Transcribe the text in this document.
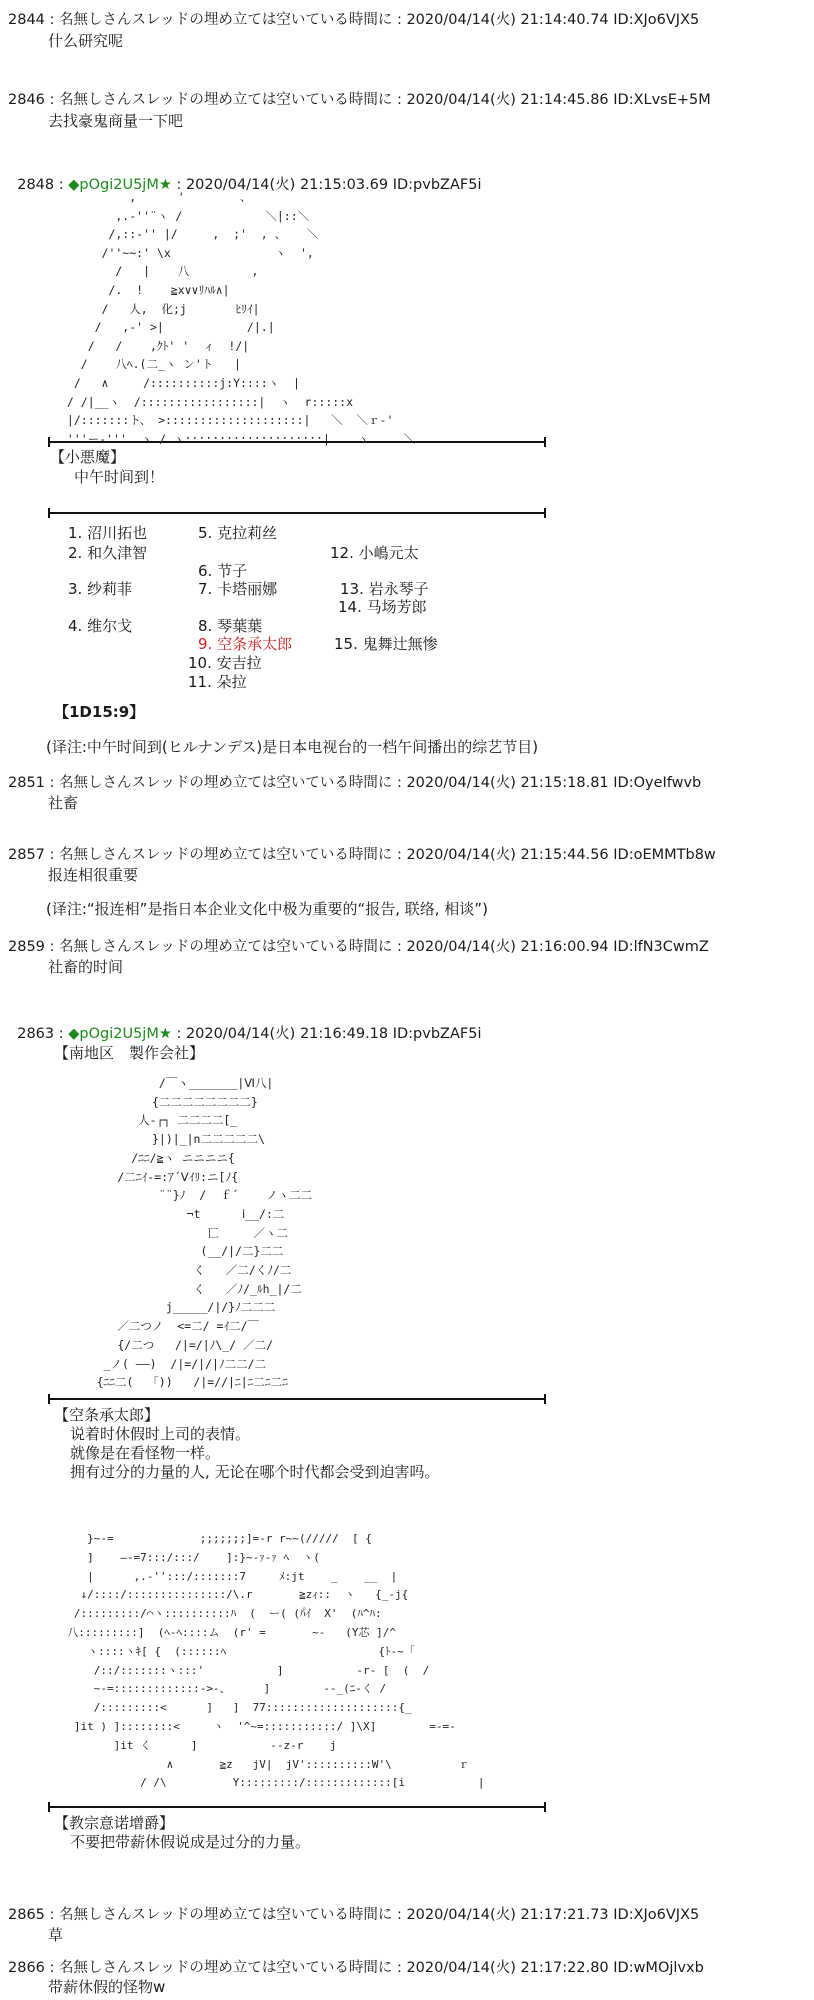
2844 : 名無しさんスレッドの埋め立ては空いている時間に : 2020/04/14(火) 21:14:40.74 ID:XJo6VJX5
什么研究呢
2846 : 名無しさんスレッドの埋め立ては空いている時間に : 2020/04/14(火) 21:14:45.86 ID:XLvsE+5M
去找豪鬼商量一下吧

2848 : ◆pOgi2U5jM★ : 2020/04/14(火) 21:15:03.69 ID:pvbZAF5i

,      '        、
,.-''¨ヽ /            ＼|::＼
/,::-'' |/     ,  ;'  , 、   ＼
/''~~:' \x               ヽ  ',
/   |    八         ,
/.  !    ≧x∨∨ﾘﾊﾙ∧|
/   人,  化;j       ﾋﾘｲ|
/   ,-' >|            /|.|
/   /    ,ｸﾄ' '  ィ  !/|
/    八ﾍ.(二_ヽ ン'ト   |
/   ∧     /::::::::::j:Y::::ヽ  |
/ /|__ヽ  /:::::::::::::::::|  ヽ  r:::::x
|/:::::::ト、 >::::::::::::::::::::|   ＼  ＼ｒ-'
'''ー‐'''  ヽ / ヽ::::::::::::::::::::|    ヽ     ＼
【小悪魔】
中午时间到！
1. 沼川拓也
2. 和久津智
3. 纱莉菲
4. 维尔戈
5. 克拉莉丝
6. 节子
7. 卡塔丽娜
8. 琴葉葉
9. 空条承太郎
10. 安吉拉
11. 朵拉
12. 小嶋元太
13. 岩永琴子
14. 马场芳郎
15. 鬼舞辻無惨
【1D15:9】
(译注:中午时间到(ヒルナンデス)是日本电视台的一档午间播出的综艺节目)
2851 : 名無しさんスレッドの埋め立ては空いている時間に : 2020/04/14(火) 21:15:18.81 ID:OyeIfwvb
社畜
2857 : 名無しさんスレッドの埋め立ては空いている時間に : 2020/04/14(火) 21:15:44.56 ID:oEMMTb8w
报连相很重要
(译注:“报连相”是指日本企业文化中极为重要的“报告, 联络, 相谈”)
2859 : 名無しさんスレッドの埋め立ては空いている時間に : 2020/04/14(火) 21:16:00.94 ID:lfN3CwmZ
社畜的时间

2863 : ◆pOgi2U5jM★ : 2020/04/14(火) 21:16:49.18 ID:pvbZAF5i

【南地区　製作会社】
/￣ヽ_______|Ⅵ八|
{二二二二二二二二}
人‐┌┐ 二二二二[_
}|)|_|n二二二二二\
/ﾆﾆ/≧ヽ ニニニニ{
/二ﾆｲ-=:ｱ´Ⅴｲﾘ:ニ[ﾉ{
¨¨}ﾉ  /  ｆ´    ノヽ二二
¬t      ⅰ__/:二
匸     ／ヽ二
(__/|/二}二二
く   ／二/くﾉ/二
く   ／ﾉ/_ﾙh_|/二
j_____/|/}ﾉ二二二
／二つノ  <=二/ =ｲ二/￣
{/二つ   /|=/|ﾉ\_/ ／二/
_ノ( ――)  /|=/|/|ﾉ二二/二
{ﾆﾆ二(  「))   /|=//|ﾆ|ﾆ二ﾆ二ﾆ
【空条承太郎】
说着时休假时上司的表情。
就像是在看怪物一样。
拥有过分的力量的人, 无论在哪个时代都会受到迫害吗。
}~-=             ;;;;;;;]=-r r~~(/////  [ {
]    ―-=7:::/:::/    ]:}~‐ｧ‐ｧ ﾍ  ヽ(
|      ,.-'':::/:::::::7     ﾒ:jt    _    __  |
↓/::::/:::::::::::::::/\.r       ≧zｨ::  ヽ   {_-j{
/:::::::::/⌒ヽ::::::::::ﾊ  (  ー( (ﾊ゚ｲ  X'  (ﾊ^ﾊ:
八:::::::::]  (ﾍ-ﾍ::::ム  (r' =       ~-   (Y芯 ]/^
ヽ::::ヽｷ[ {  (::::::ﾍ                       {ﾄ-~「
/::/:::::::ヽ:::'           ]           ‐r- [  (  /
~-=:::::::::::::->-、     ]        --_(ﾆ-く /
/:::::::::<      ]   ]  77::::::::::::::::::::{_
]it ) ]::::::::<     ヽ  '^~=:::::::::::/ ]\X]        =-=-
]it く      ]           --z-r    j
∧       ≧z   jV|  jV'::::::::::W'\          ｒ
/ /\          Y:::::::::/:::::::::::::[i           |
【教宗意诺增爵】
不要把带薪休假说成是过分的力量。
2865 : 名無しさんスレッドの埋め立ては空いている時間に : 2020/04/14(火) 21:17:21.73 ID:XJo6VJX5
草
2866 : 名無しさんスレッドの埋め立ては空いている時間に : 2020/04/14(火) 21:17:22.80 ID:wMOjlvxb
带薪休假的怪物w
